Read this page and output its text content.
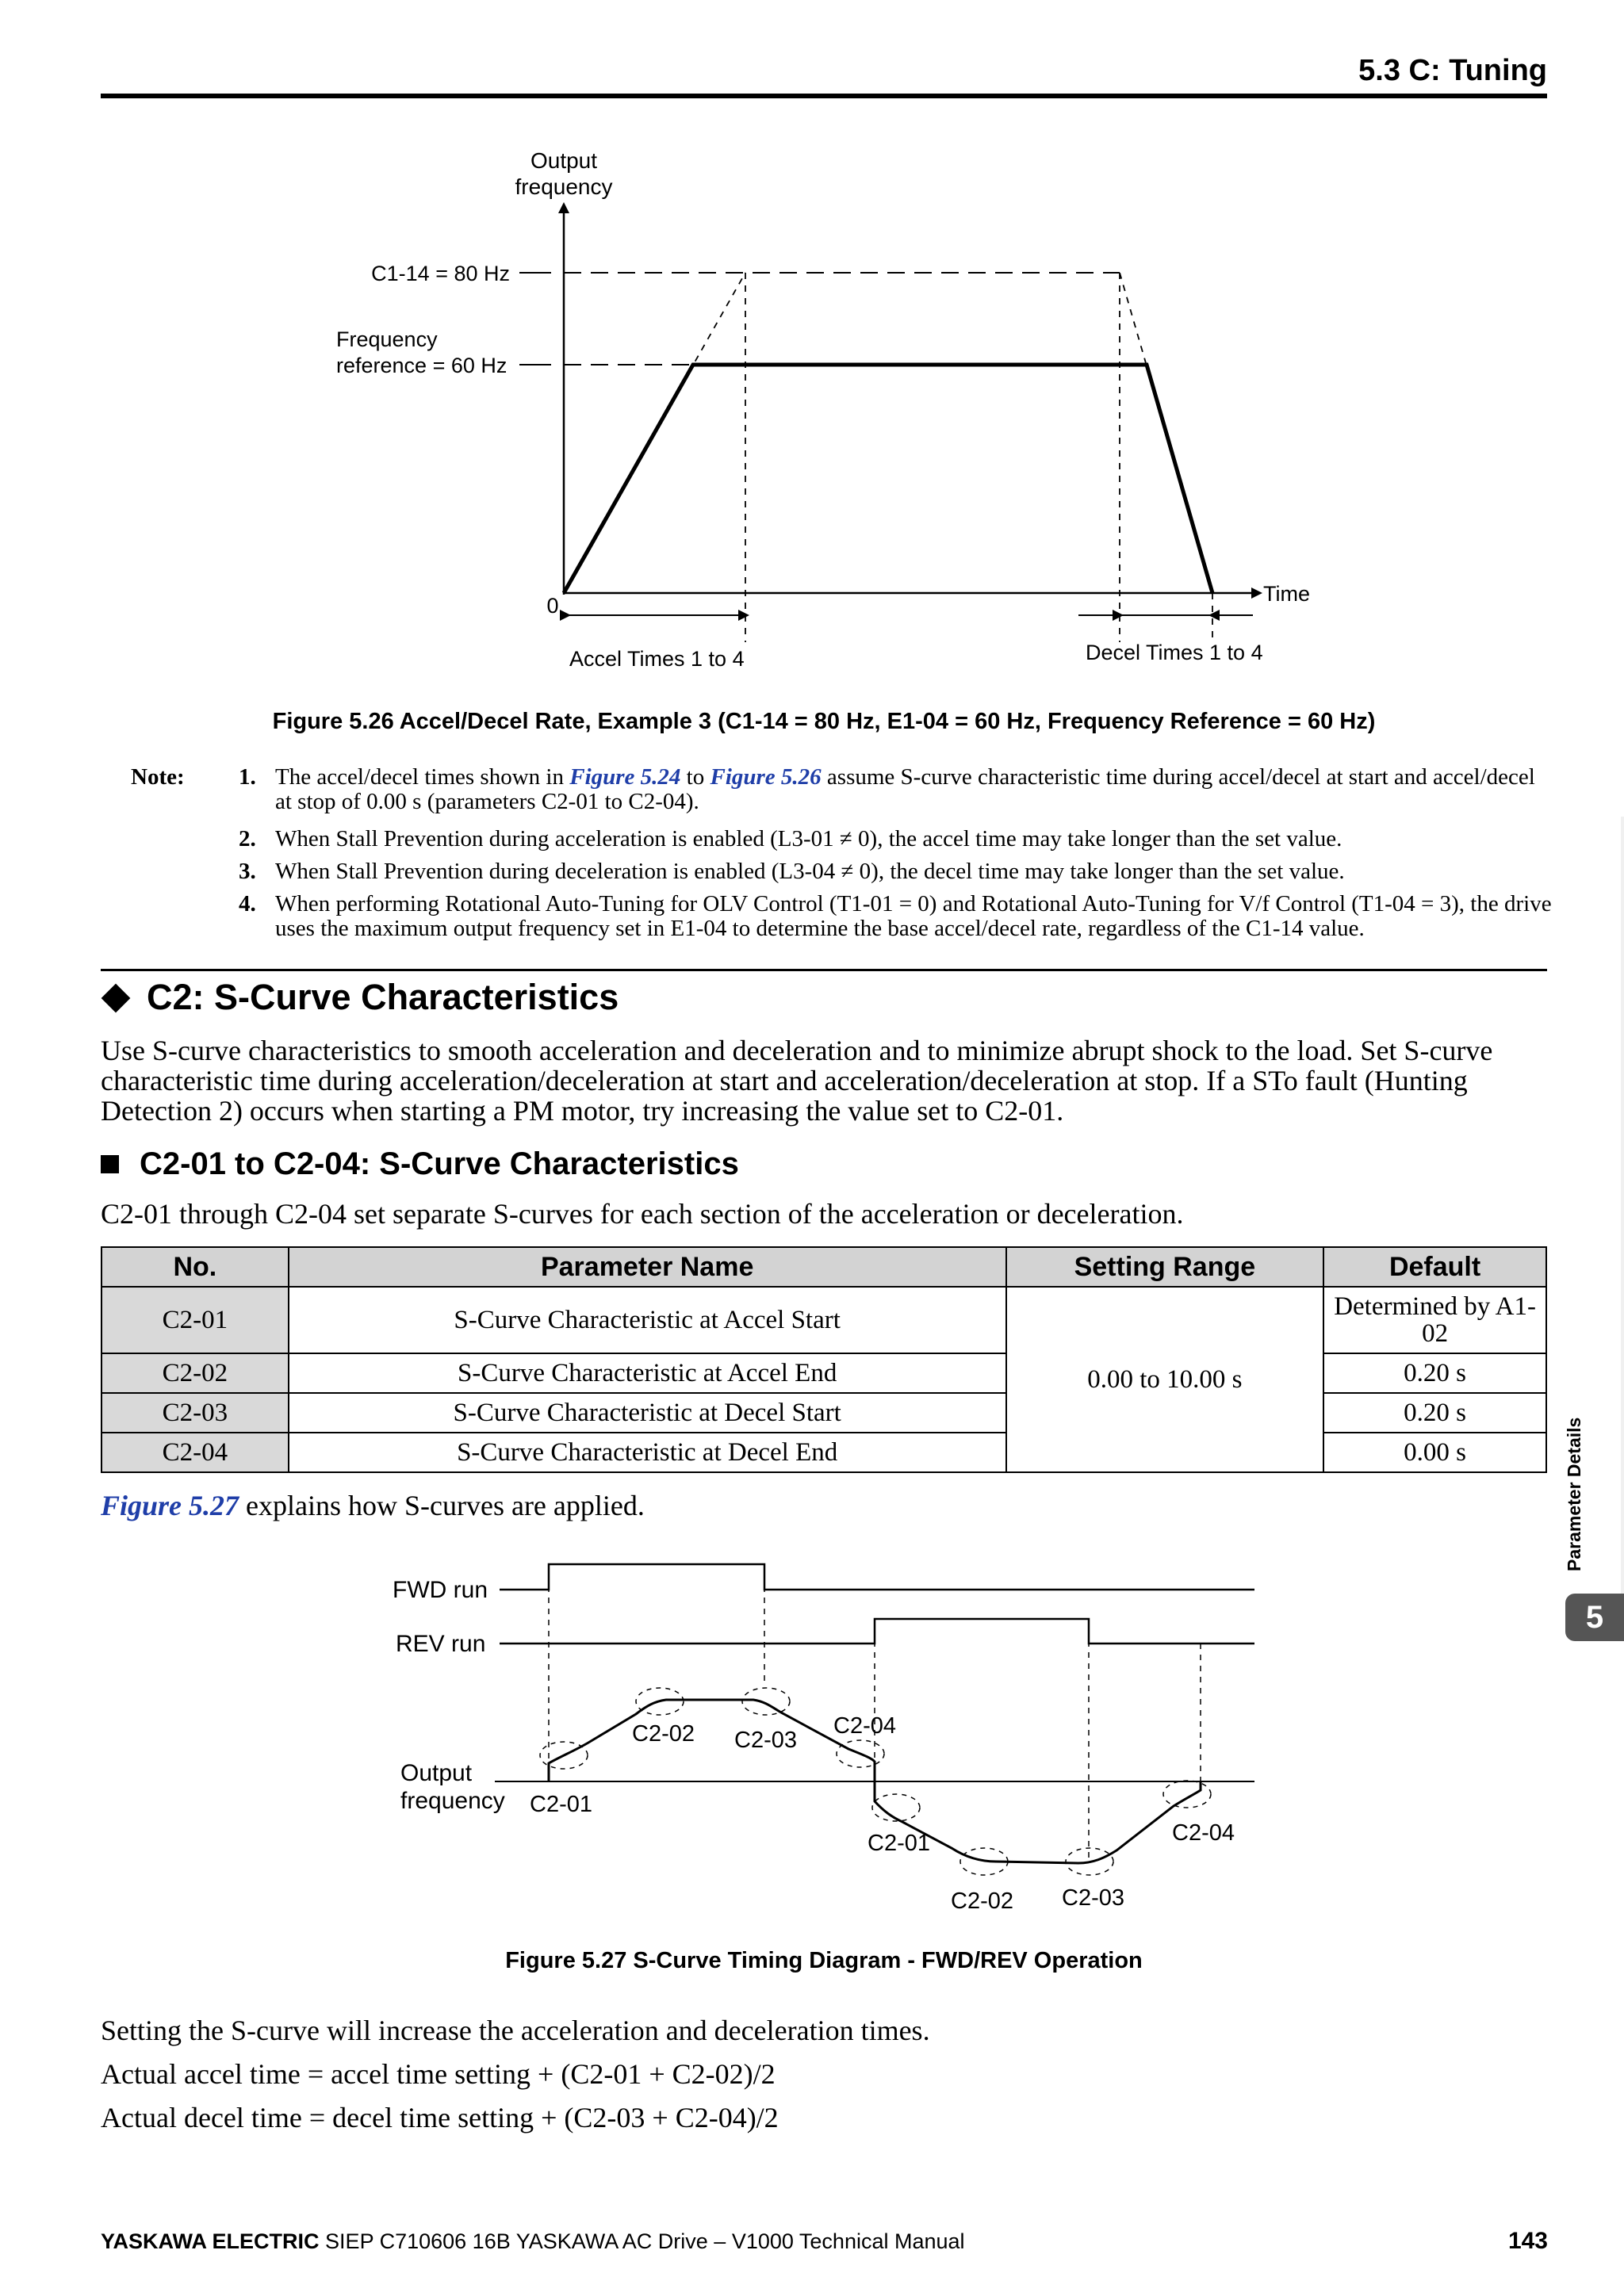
5.3 C: Tuning
Output
frequency
C1-14 = 80 Hz
Frequency
reference = 60 Hz
0	Time
Accel Times 1 to 4	Decel Times 1 to 4
Figure 5.26 Accel/Decel Rate, Example 3 (C1-14 = 80 Hz, E1-04 = 60 Hz, Frequency Reference = 60 Hz)
Note: 1. The accel/decel times shown in Figure 5.24 to Figure 5.26 assume S-curve characteristic time during accel/decel at start and accel/decel at stop of 0.00 s (parameters C2-01 to C2-04).
2. When Stall Prevention during acceleration is enabled (L3-01 ≠ 0), the accel time may take longer than the set value.
3. When Stall Prevention during deceleration is enabled (L3-04 ≠ 0), the decel time may take longer than the set value.
4. When performing Rotational Auto-Tuning for OLV Control (T1-01 = 0) and Rotational Auto-Tuning for V/f Control (T1-04 = 3), the drive uses the maximum output frequency set in E1-04 to determine the base accel/decel rate, regardless of the C1-14 value.
C2: S-Curve Characteristics
Use S-curve characteristics to smooth acceleration and deceleration and to minimize abrupt shock to the load. Set S-curve characteristic time during acceleration/deceleration at start and acceleration/deceleration at stop. If a STo fault (Hunting Detection 2) occurs when starting a PM motor, try increasing the value set to C2-01.
C2-01 to C2-04: S-Curve Characteristics
C2-01 through C2-04 set separate S-curves for each section of the acceleration or deceleration.
No.	Parameter Name	Setting Range	Default
C2-01	S-Curve Characteristic at Accel Start	0.00 to 10.00 s	Determined by A1-02
C2-02	S-Curve Characteristic at Accel End		0.20 s
C2-03	S-Curve Characteristic at Decel Start		0.20 s
C2-04	S-Curve Characteristic at Decel End		0.00 s
Figure 5.27 explains how S-curves are applied.
FWD run
REV run
Output
frequency C2-01
C2-02 C2-03
C2-04
C2-01
C2-02 C2-03
C2-04
Figure 5.27 S-Curve Timing Diagram - FWD/REV Operation
Setting the S-curve will increase the acceleration and deceleration times.
Actual accel time = accel time setting + (C2-01 + C2-02)/2
Actual decel time = decel time setting + (C2-03 + C2-04)/2
YASKAWA ELECTRIC SIEP C710606 16B YASKAWA AC Drive – V1000 Technical Manual	143
Parameter Details
5
